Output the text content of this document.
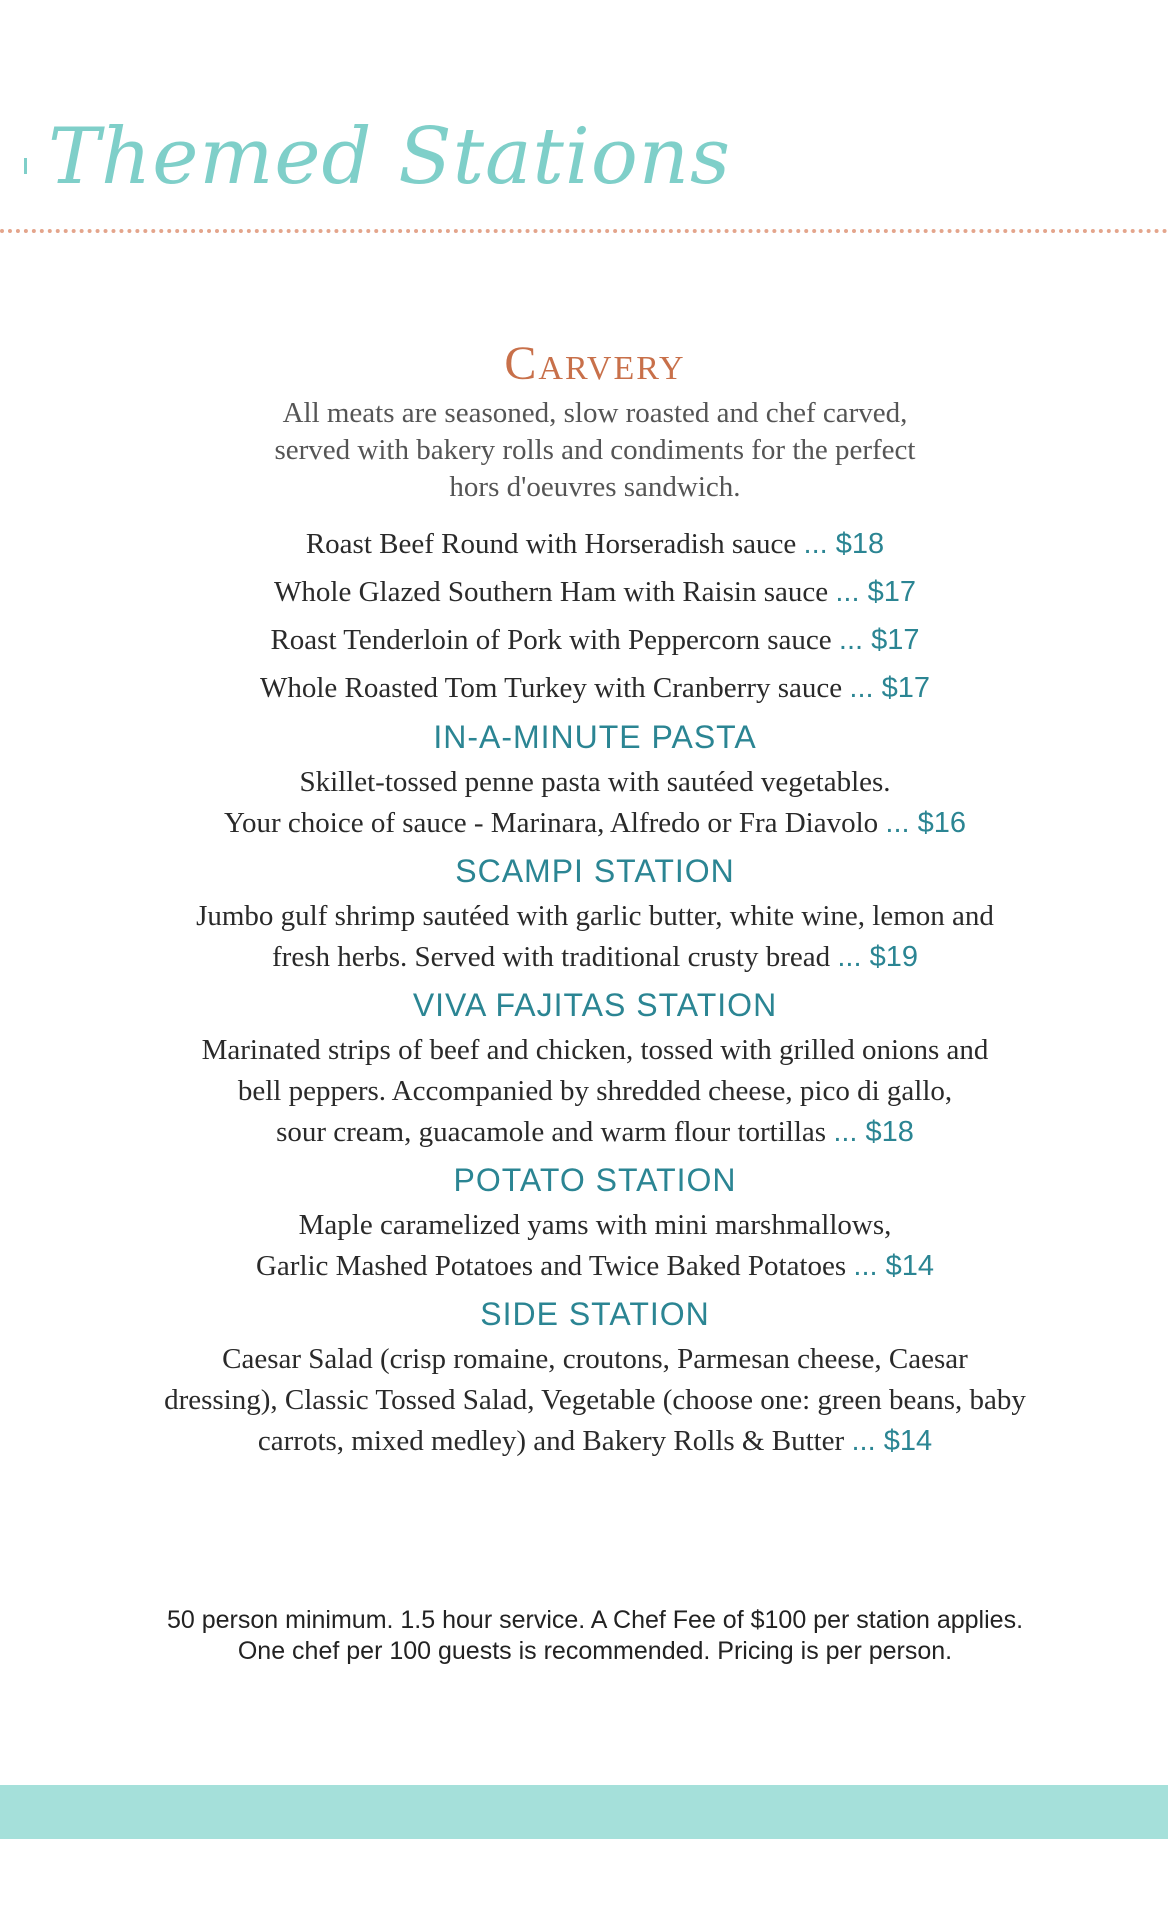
Themed Stations
Carvery
All meats are seasoned, slow roasted and chef carved,
served with bakery rolls and condiments for the perfect
hors d'oeuvres sandwich.
Roast Beef Round with Horseradish sauce ... $18
Whole Glazed Southern Ham with Raisin sauce ... $17
Roast Tenderloin of Pork with Peppercorn sauce ... $17
Whole Roasted Tom Turkey with Cranberry sauce ... $17
IN-A-MINUTE PASTA
Skillet-tossed penne pasta with sautéed vegetables.
Your choice of sauce - Marinara, Alfredo or Fra Diavolo ... $16
SCAMPI STATION
Jumbo gulf shrimp sautéed with garlic butter, white wine, lemon and
fresh herbs. Served with traditional crusty bread ... $19
VIVA FAJITAS STATION
Marinated strips of beef and chicken, tossed with grilled onions and
bell peppers. Accompanied by shredded cheese, pico di gallo,
sour cream, guacamole and warm flour tortillas ... $18
POTATO STATION
Maple caramelized yams with mini marshmallows,
Garlic Mashed Potatoes and Twice Baked Potatoes ... $14
SIDE STATION
Caesar Salad (crisp romaine, croutons, Parmesan cheese, Caesar
dressing), Classic Tossed Salad, Vegetable (choose one: green beans, baby
carrots, mixed medley) and Bakery Rolls & Butter ... $14
50 person minimum. 1.5 hour service. A Chef Fee of $100 per station applies.
One chef per 100 guests is recommended. Pricing is per person.
